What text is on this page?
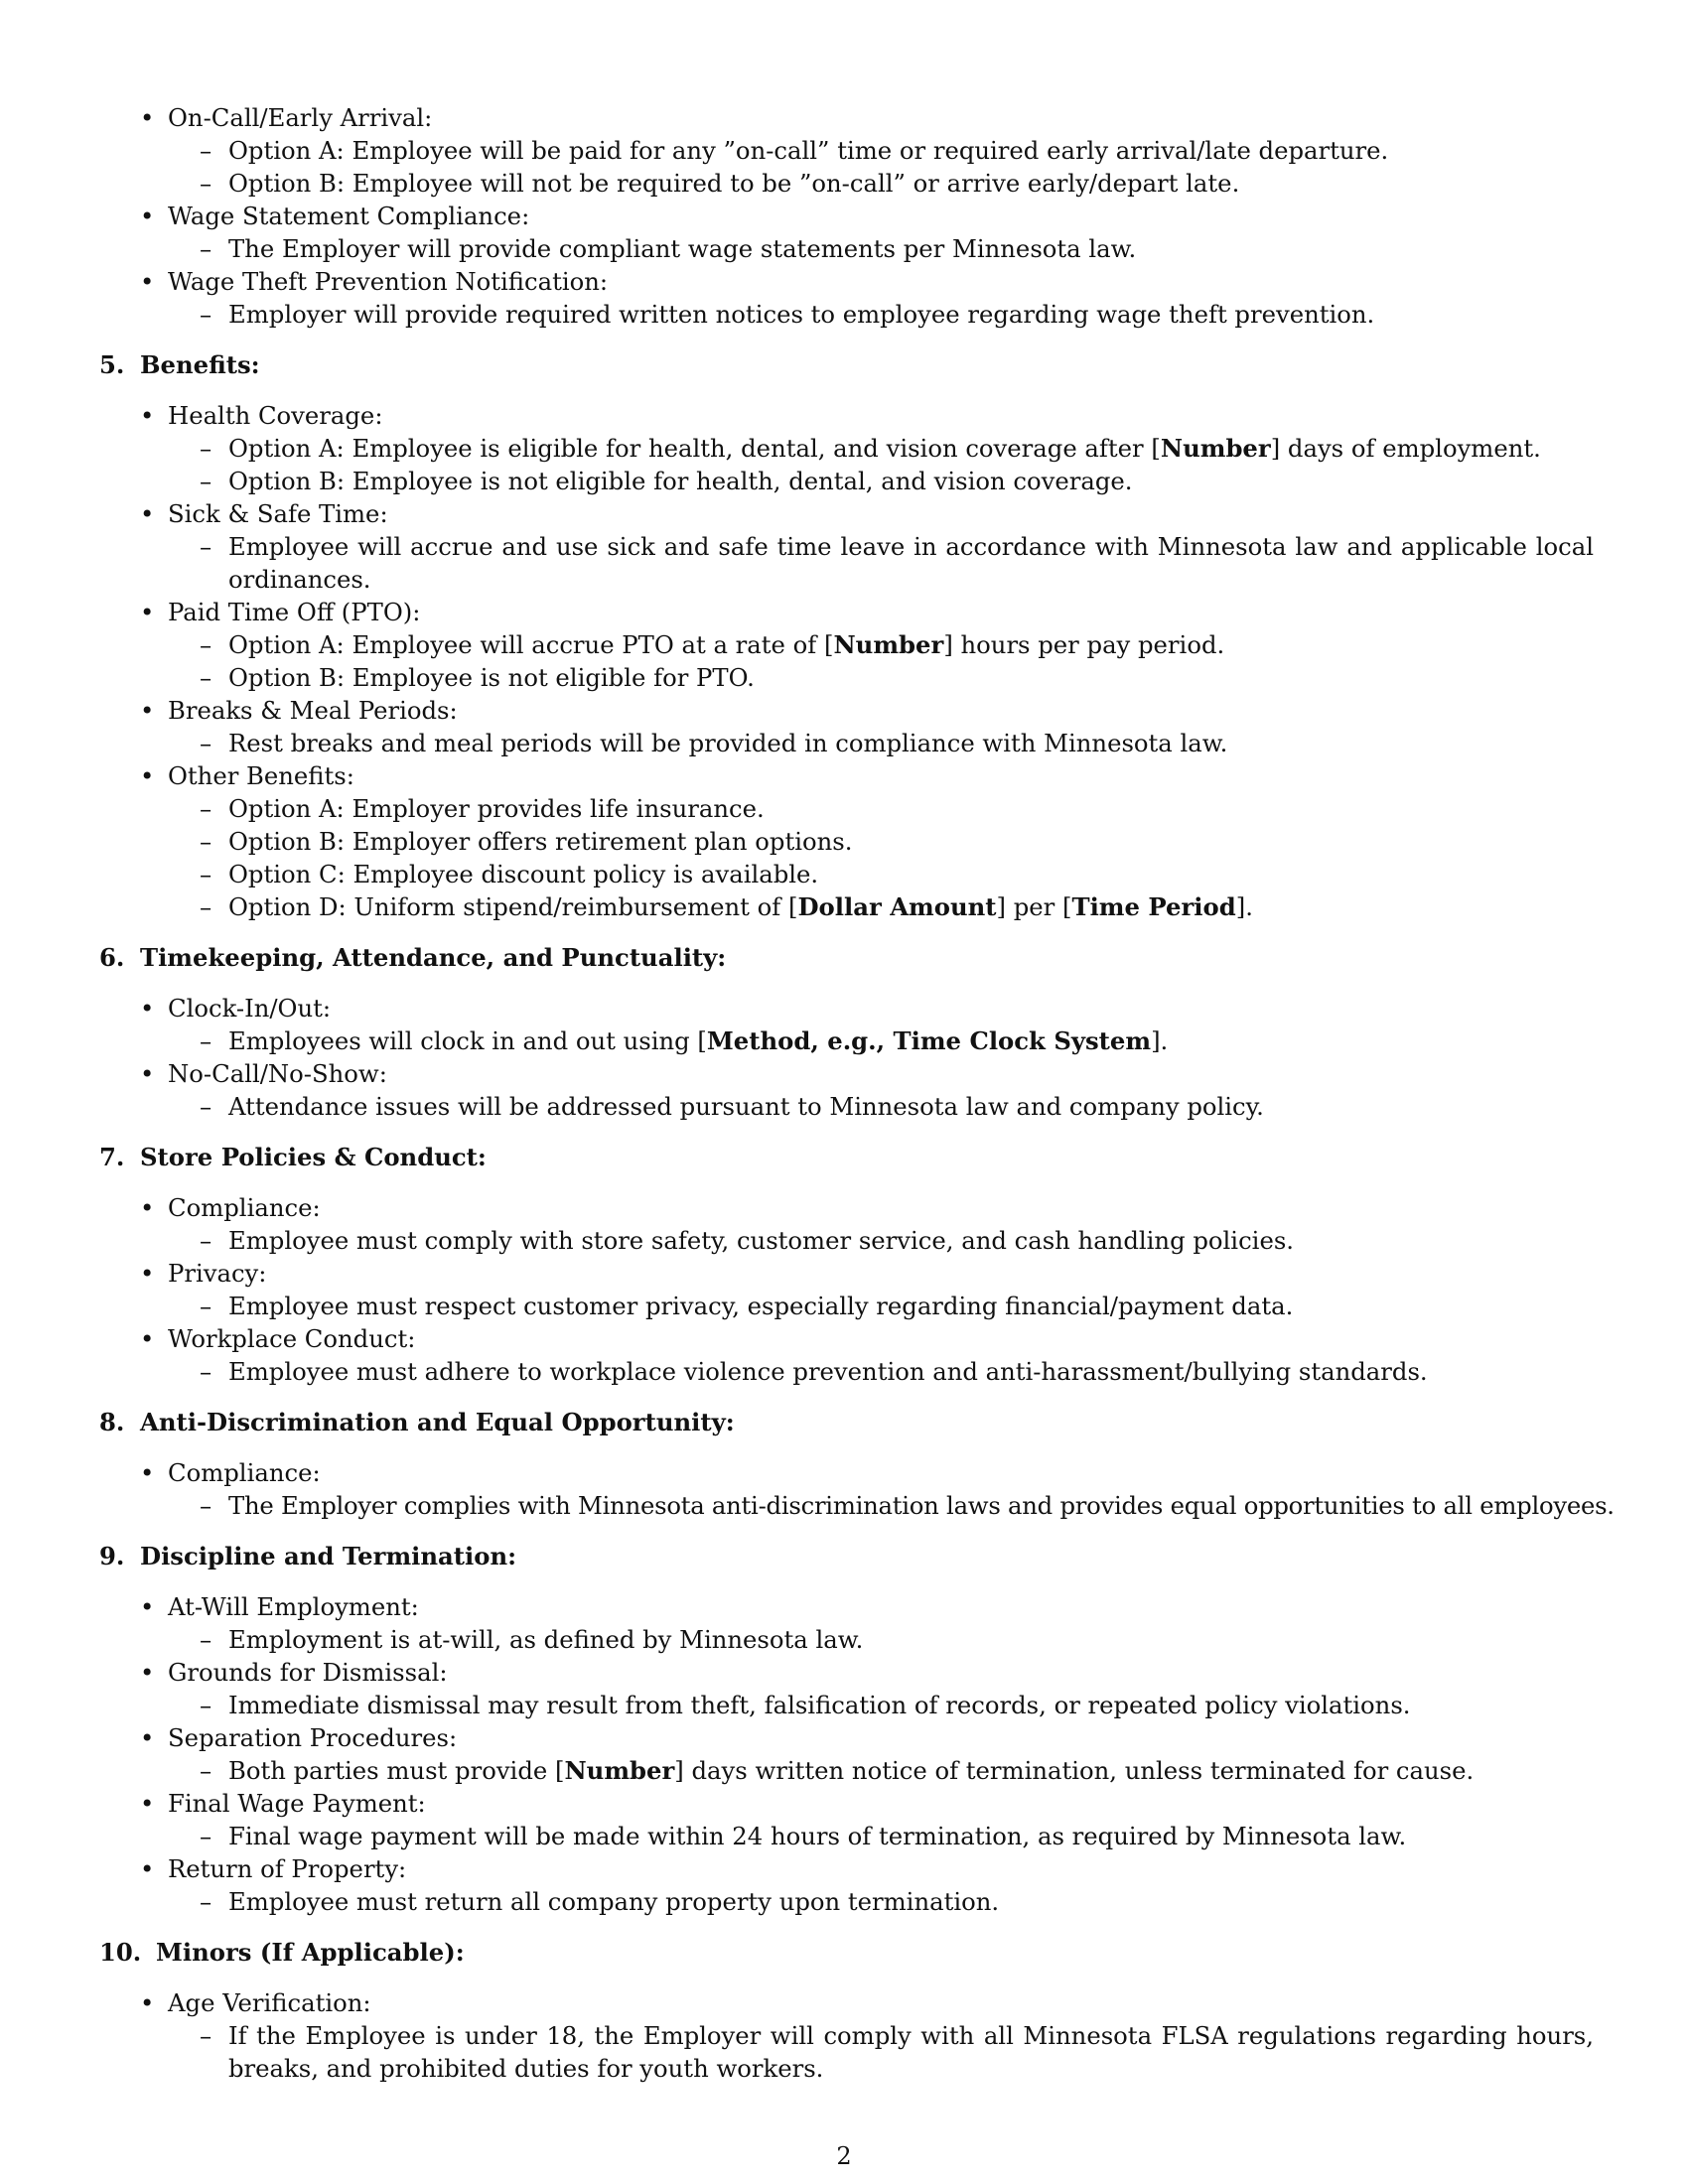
• On-Call/Early Arrival:
– Option A: Employee will be paid for any ”on-call” time or required early arrival/late departure.
– Option B: Employee will not be required to be ”on-call” or arrive early/depart late.
• Wage Statement Compliance:
– The Employer will provide compliant wage statements per Minnesota law.
• Wage Theft Prevention Notification:
– Employer will provide required written notices to employee regarding wage theft prevention.
5. Benefits:
• Health Coverage:
– Option A: Employee is eligible for health, dental, and vision coverage after [Number] days of employment.
– Option B: Employee is not eligible for health, dental, and vision coverage.
• Sick & Safe Time:
– Employee will accrue and use sick and safe time leave in accordance with Minnesota law and applicable local ordinances.
• Paid Time Off (PTO):
– Option A: Employee will accrue PTO at a rate of [Number] hours per pay period.
– Option B: Employee is not eligible for PTO.
• Breaks & Meal Periods:
– Rest breaks and meal periods will be provided in compliance with Minnesota law.
• Other Benefits:
– Option A: Employer provides life insurance.
– Option B: Employer offers retirement plan options.
– Option C: Employee discount policy is available.
– Option D: Uniform stipend/reimbursement of [Dollar Amount] per [Time Period].
6. Timekeeping, Attendance, and Punctuality:
• Clock-In/Out:
– Employees will clock in and out using [Method, e.g., Time Clock System].
• No-Call/No-Show:
– Attendance issues will be addressed pursuant to Minnesota law and company policy.
7. Store Policies & Conduct:
• Compliance:
– Employee must comply with store safety, customer service, and cash handling policies.
• Privacy:
– Employee must respect customer privacy, especially regarding financial/payment data.
• Workplace Conduct:
– Employee must adhere to workplace violence prevention and anti-harassment/bullying standards.
8. Anti-Discrimination and Equal Opportunity:
• Compliance:
– The Employer complies with Minnesota anti-discrimination laws and provides equal opportunities to all employees.
9. Discipline and Termination:
• At-Will Employment:
– Employment is at-will, as defined by Minnesota law.
• Grounds for Dismissal:
– Immediate dismissal may result from theft, falsification of records, or repeated policy violations.
• Separation Procedures:
– Both parties must provide [Number] days written notice of termination, unless terminated for cause.
• Final Wage Payment:
– Final wage payment will be made within 24 hours of termination, as required by Minnesota law.
• Return of Property:
– Employee must return all company property upon termination.
10. Minors (If Applicable):
• Age Verification:
– If the Employee is under 18, the Employer will comply with all Minnesota FLSA regulations regarding hours, breaks, and prohibited duties for youth workers.
2
